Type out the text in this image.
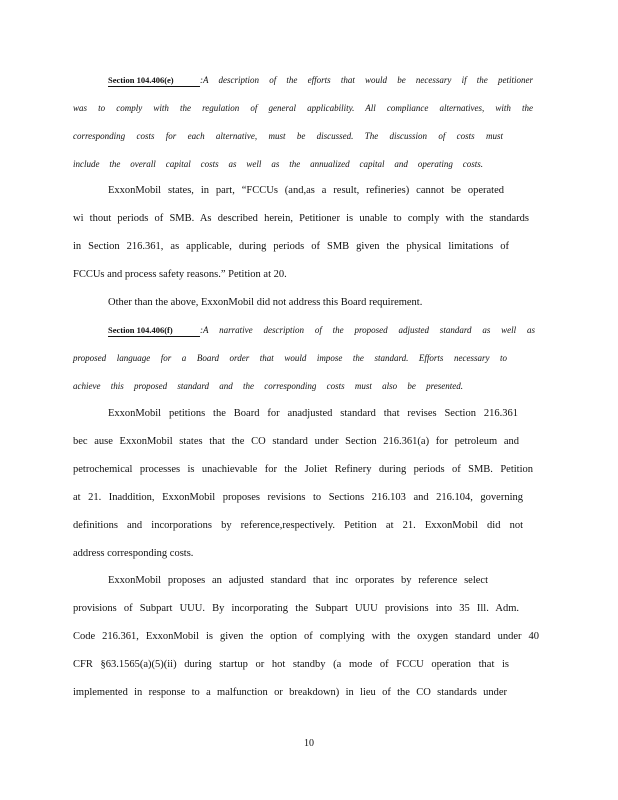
Section 104.406(e)	:A description of the efforts that would be necessary if the petitioner
was to comply with the regulation of general applicability. All compliance alternatives, with the
corresponding costs for each alternative, must be discussed. The discussion of costs must
include the overall capital costs as well as the annualized capital and operating costs.
ExxonMobil states, in part, “FCCUs (and,as a result, refineries) cannot be operated
wi thout periods of SMB. As described herein, Petitioner is unable to comply with the standards
in Section 216.361, as applicable, during periods of SMB given the physical limitations of
FCCUs and process safety reasons.” Petition at 20.
Other than the above, ExxonMobil did not address this Board requirement.
Section 104.406(f)	:A narrative description of the proposed adjusted standard as well as
proposed language for a Board order that would impose the standard. Efforts necessary to
achieve this proposed standard and the corresponding costs must also be presented.
ExxonMobil petitions the Board for anadjusted standard that revises Section 216.361
bec ause ExxonMobil states that the CO standard under Section 216.361(a) for petroleum and
petrochemical processes is unachievable for the Joliet Refinery during periods of SMB. Petition
at 21. Inaddition, ExxonMobil proposes revisions to Sections 216.103 and 216.104, governing
definitions and incorporations by reference,respectively. Petition at 21. ExxonMobil did not
address corresponding costs.
ExxonMobil proposes an adjusted standard that inc orporates by reference select
provisions of Subpart UUU. By incorporating the Subpart UUU provisions into 35 Ill. Adm.
Code 216.361, ExxonMobil is given the option of complying with the oxygen standard under 40
CFR §63.1565(a)(5)(ii) during startup or hot standby (a mode of FCCU operation that is
implemented in response to a malfunction or breakdown) in lieu of the CO standards under
10
